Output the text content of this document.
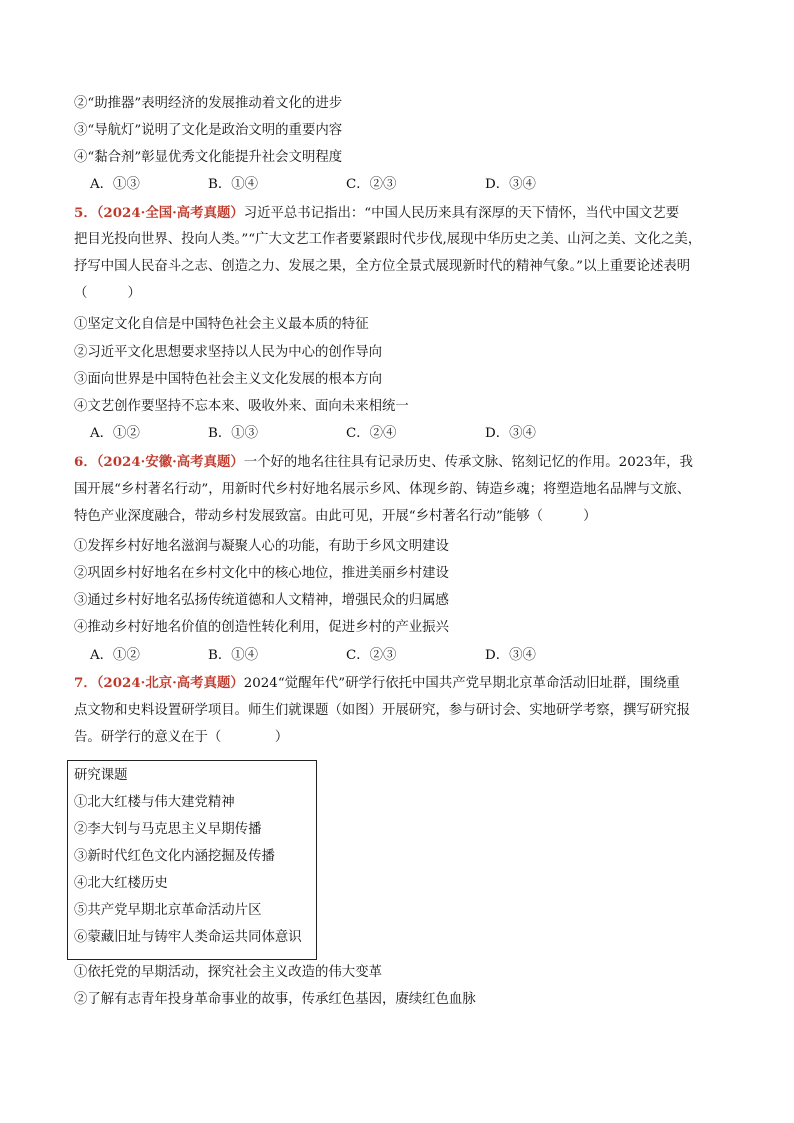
②“助推器”表明经济的发展推动着文化的进步
③“导航灯”说明了文化是政治文明的重要内容
④“黏合剂”彰显优秀文化能提升社会文明程度
A．①③	B．①④	C．②③	D．③④
5．（2024·全国·高考真题）习近平总书记指出：“中国人民历来具有深厚的天下情怀，当代中国文艺要
把目光投向世界、投向人类。”“广大文艺工作者要紧跟时代步伐,展现中华历史之美、山河之美、文化之美，
抒写中国人民奋斗之志、创造之力、发展之果，全方位全景式展现新时代的精神气象。”以上重要论述表明
（　　　）
①坚定文化自信是中国特色社会主义最本质的特征
②习近平文化思想要求坚持以人民为中心的创作导向
③面向世界是中国特色社会主义文化发展的根本方向
④文艺创作要坚持不忘本来、吸收外来、面向未来相统一
A．①②	B．①③	C．②④	D．③④
6．（2024·安徽·高考真题）一个好的地名往往具有记录历史、传承文脉、铭刻记忆的作用。2023年，我
国开展“乡村著名行动”，用新时代乡村好地名展示乡风、体现乡韵、铸造乡魂；将塑造地名品牌与文旅、
特色产业深度融合，带动乡村发展致富。由此可见，开展“乡村著名行动”能够（　　　）
①发挥乡村好地名滋润与凝聚人心的功能，有助于乡风文明建设
②巩固乡村好地名在乡村文化中的核心地位，推进美丽乡村建设
③通过乡村好地名弘扬传统道德和人文精神，增强民众的归属感
④推动乡村好地名价值的创造性转化利用，促进乡村的产业振兴
A．①②	B．①④	C．②③	D．③④
7．（2024·北京·高考真题）2024“觉醒年代”研学行依托中国共产党早期北京革命活动旧址群，围绕重
点文物和史料设置研学项目。师生们就课题（如图）开展研究，参与研讨会、实地研学考察，撰写研究报
告。研学行的意义在于（　　　　）
研究课题
①北大红楼与伟大建党精神
②李大钊与马克思主义早期传播
③新时代红色文化内涵挖掘及传播
④北大红楼历史
⑤共产党早期北京革命活动片区
⑥蒙藏旧址与铸牢人类命运共同体意识
①依托党的早期活动，探究社会主义改造的伟大变革
②了解有志青年投身革命事业的故事，传承红色基因，赓续红色血脉
